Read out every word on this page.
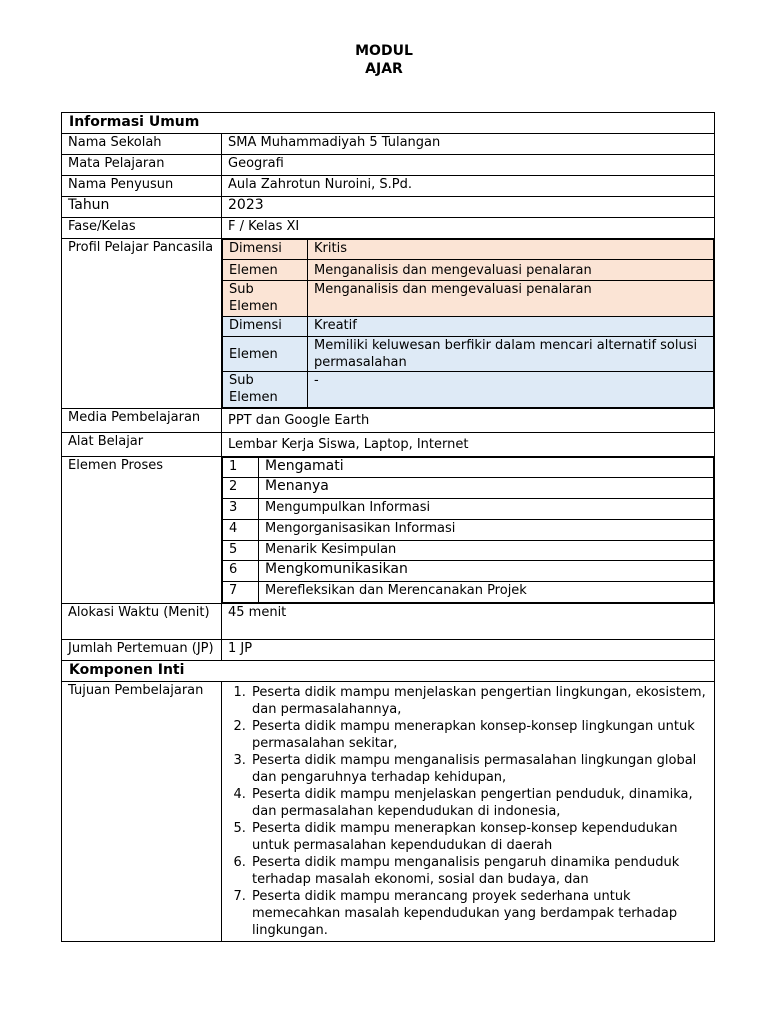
MODUL
AJAR
Informasi Umum
Nama Sekolah	SMA Muhammadiyah 5 Tulangan
Mata Pelajaran	Geografi
Nama Penyusun	Aula Zahrotun Nuroini, S.Pd.
Tahun	2023
Fase/Kelas	F / Kelas XI
Profil Pelajar Pancasila	Dimensi	Kritis
Elemen	Menganalisis dan mengevaluasi penalaran
Sub Elemen	Menganalisis dan mengevaluasi penalaran
Dimensi	Kreatif
Elemen	Memiliki keluwesan berfikir dalam mencari alternatif solusi permasalahan
Sub Elemen	-

Media Pembelajaran	PPT dan Google Earth
Alat Belajar	Lembar Kerja Siswa, Laptop, Internet
Elemen Proses		1	Mengamati
2	Menanya
3	Mengumpulkan Informasi
4	Mengorganisasikan Informasi
5	Menarik Kesimpulan
6	Mengkomunikasikan
7	Merefleksikan dan Merencanakan Projek

Alokasi Waktu (Menit)	45 menit
Jumlah Pertemuan (JP)	1 JP
Komponen Inti
Tujuan Pembelajaran	
1.Peserta didik mampu menjelaskan pengertian lingkungan, ekosistem, dan permasalahannya,
2. Peserta didik mampu menerapkan konsep-konsep lingkungan untuk permasalahan sekitar,
3. Peserta didik mampu menganalisis permasalahan lingkungan global dan pengaruhnya terhadap kehidupan,
4. Peserta didik mampu menjelaskan pengertian penduduk, dinamika, dan permasalahan kependudukan di indonesia,
5. Peserta didik mampu menerapkan konsep-konsep kependudukan untuk permasalahan kependudukan di daerah
6. Peserta didik mampu menganalisis pengaruh dinamika penduduk terhadap masalah ekonomi, sosial dan budaya, dan
7. Peserta didik mampu merancang proyek sederhana untuk memecahkan masalah kependudukan yang berdampak terhadap lingkungan.
